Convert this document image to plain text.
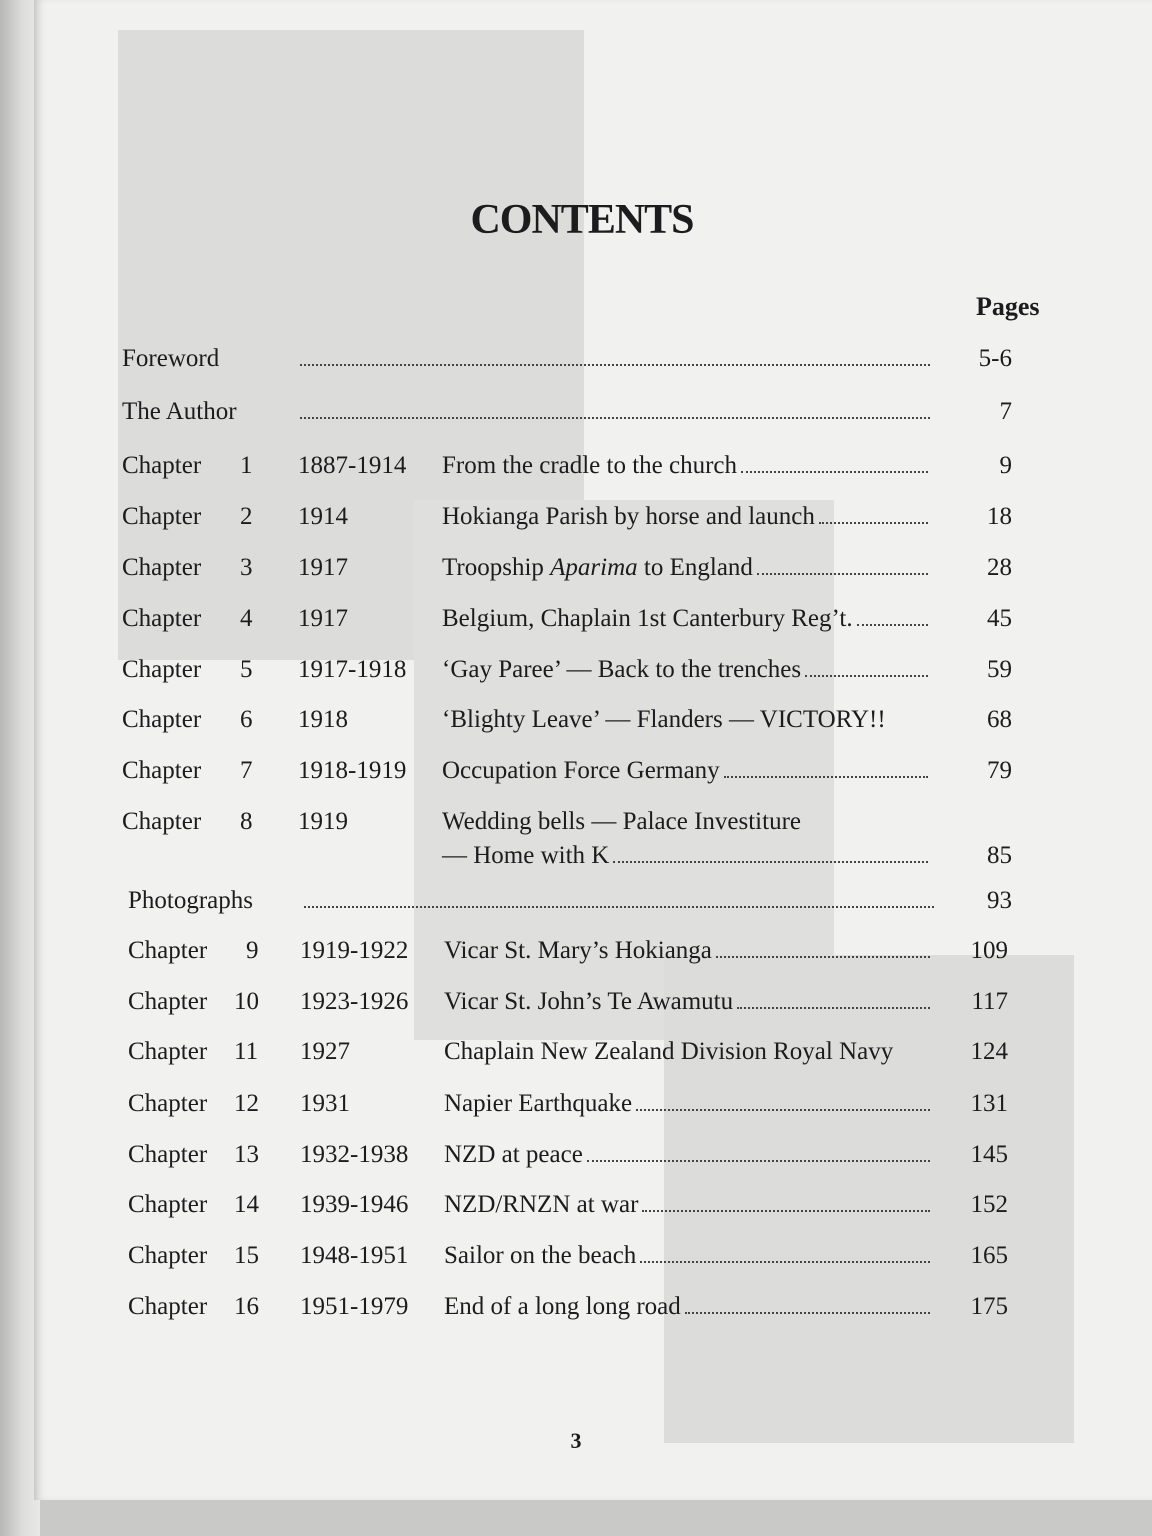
CONTENTS
Pages
Foreword	5-6
The Author	7
Chapter 1 1887-1914 From the cradle to the church	9
Chapter 2 1914	Hokianga Parish by horse and launch	18
Chapter 3 1917	Troopship Aparima to England	28
Chapter 4 1917	Belgium, Chaplain 1st Canterbury Reg’t.	45
Chapter 5 1917-1918 ‘Gay Paree’ — Back to the trenches	59
Chapter 6 1918	‘Blighty Leave’ — Flanders — VICTORY!!	68
Chapter 7 1918-1919 Occupation Force Germany	79
Chapter 8 1919	Wedding bells — Palace Investiture
— Home with K	85
Photographs	93
Chapter 9 1919-1922 Vicar St. Mary’s Hokianga	109
Chapter 10 1923-1926 Vicar St. John’s Te Awamutu	117
Chapter 11 1927	Chaplain New Zealand Division Royal Navy	124
Chapter 12 1931	Napier Earthquake	131
Chapter 13 1932-1938 NZD at peace	145
Chapter 14 1939-1946 NZD/RNZN at war	152
Chapter 15 1948-1951 Sailor on the beach	165
Chapter 16 1951-1979 End of a long long road	175
3
